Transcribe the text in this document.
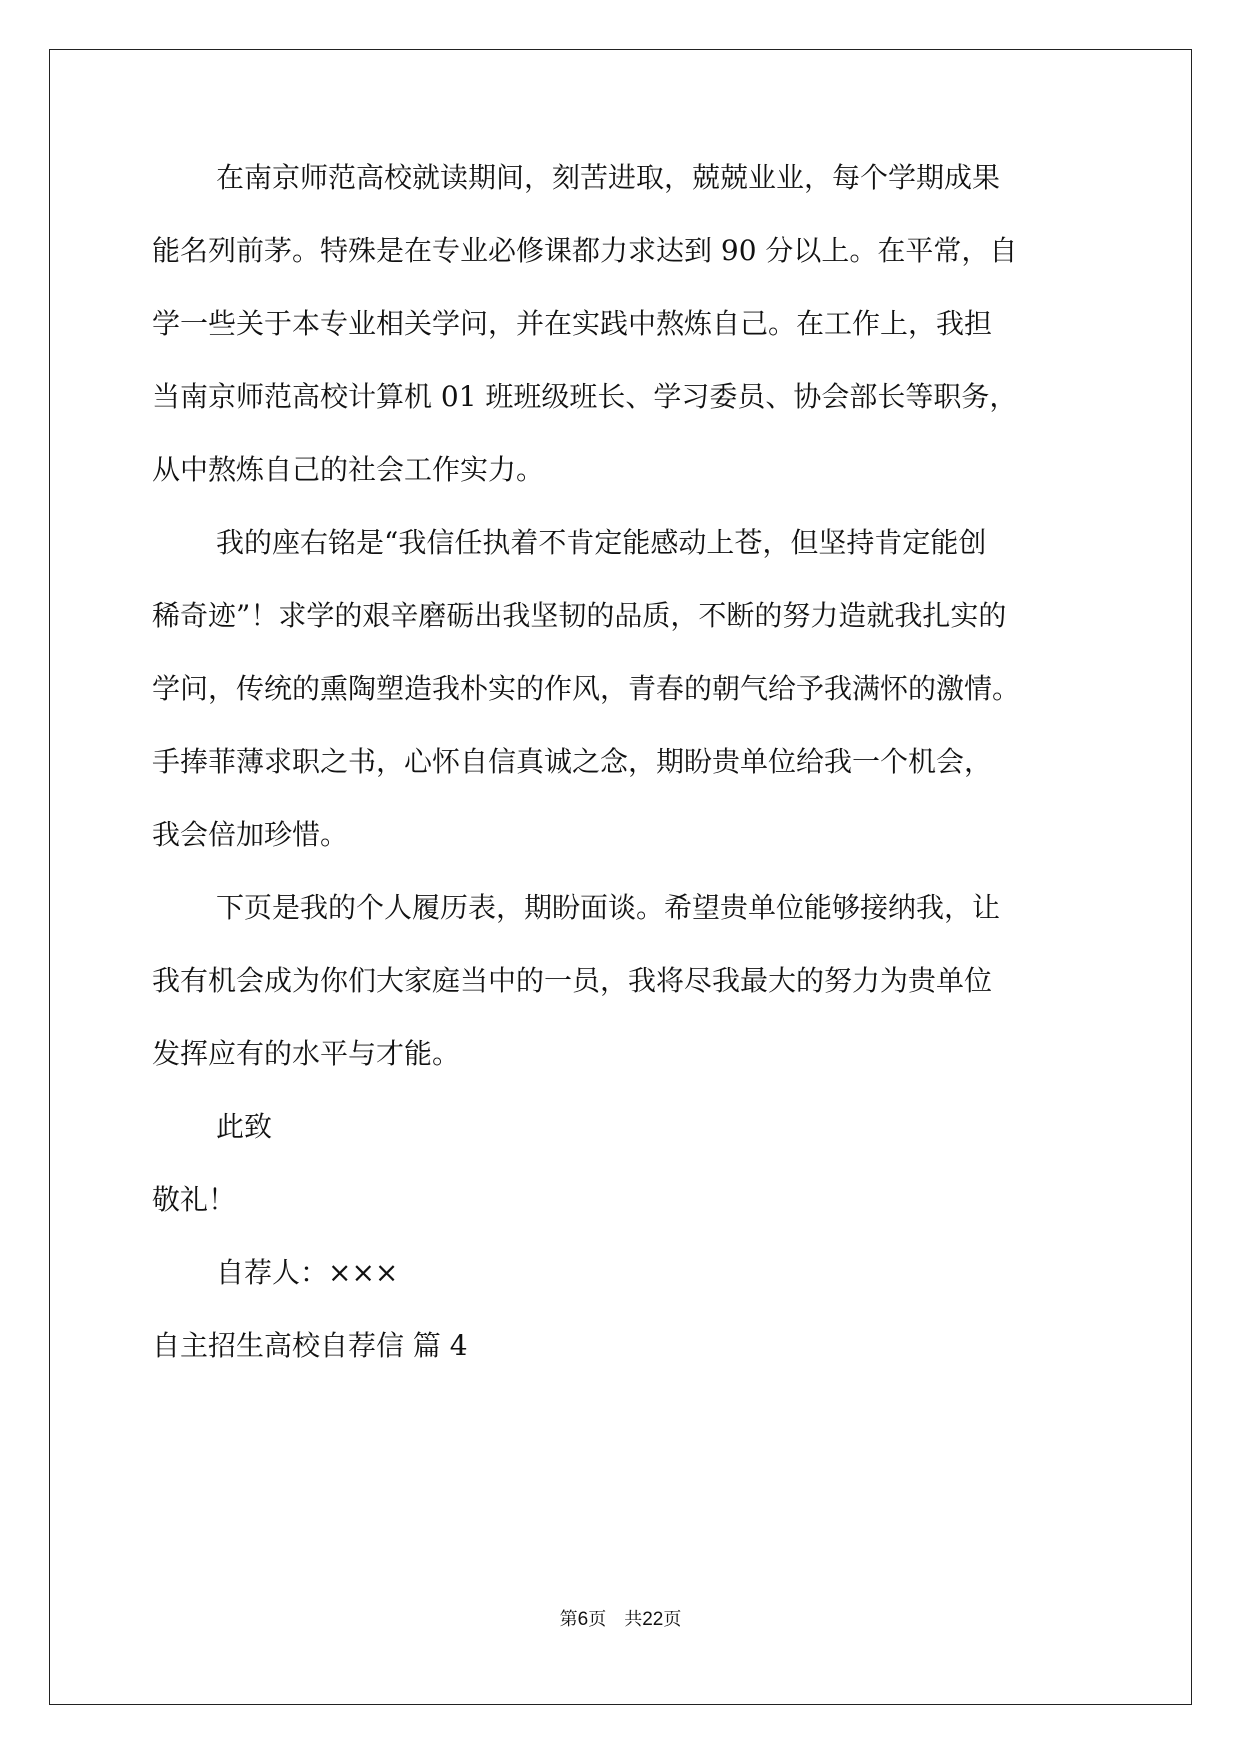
在南京师范高校就读期间，刻苦进取，兢兢业业，每个学期成果
能名列前茅。特殊是在专业必修课都力求达到 90 分以上。在平常，自
学一些关于本专业相关学问，并在实践中熬炼自己。在工作上，我担
当南京师范高校计算机 01 班班级班长、学习委员、协会部长等职务，
从中熬炼自己的社会工作实力。
我的座右铭是“我信任执着不肯定能感动上苍，但坚持肯定能创
稀奇迹”！求学的艰辛磨砺出我坚韧的品质，不断的努力造就我扎实的
学问，传统的熏陶塑造我朴实的作风，青春的朝气给予我满怀的激情。
手捧菲薄求职之书，心怀自信真诚之念，期盼贵单位给我一个机会，
我会倍加珍惜。
下页是我的个人履历表，期盼面谈。希望贵单位能够接纳我，让
我有机会成为你们大家庭当中的一员，我将尽我最大的努力为贵单位
发挥应有的水平与才能。
此致
敬礼！
自荐人：×××
自主招生高校自荐信 篇 4
第6页    共22页
